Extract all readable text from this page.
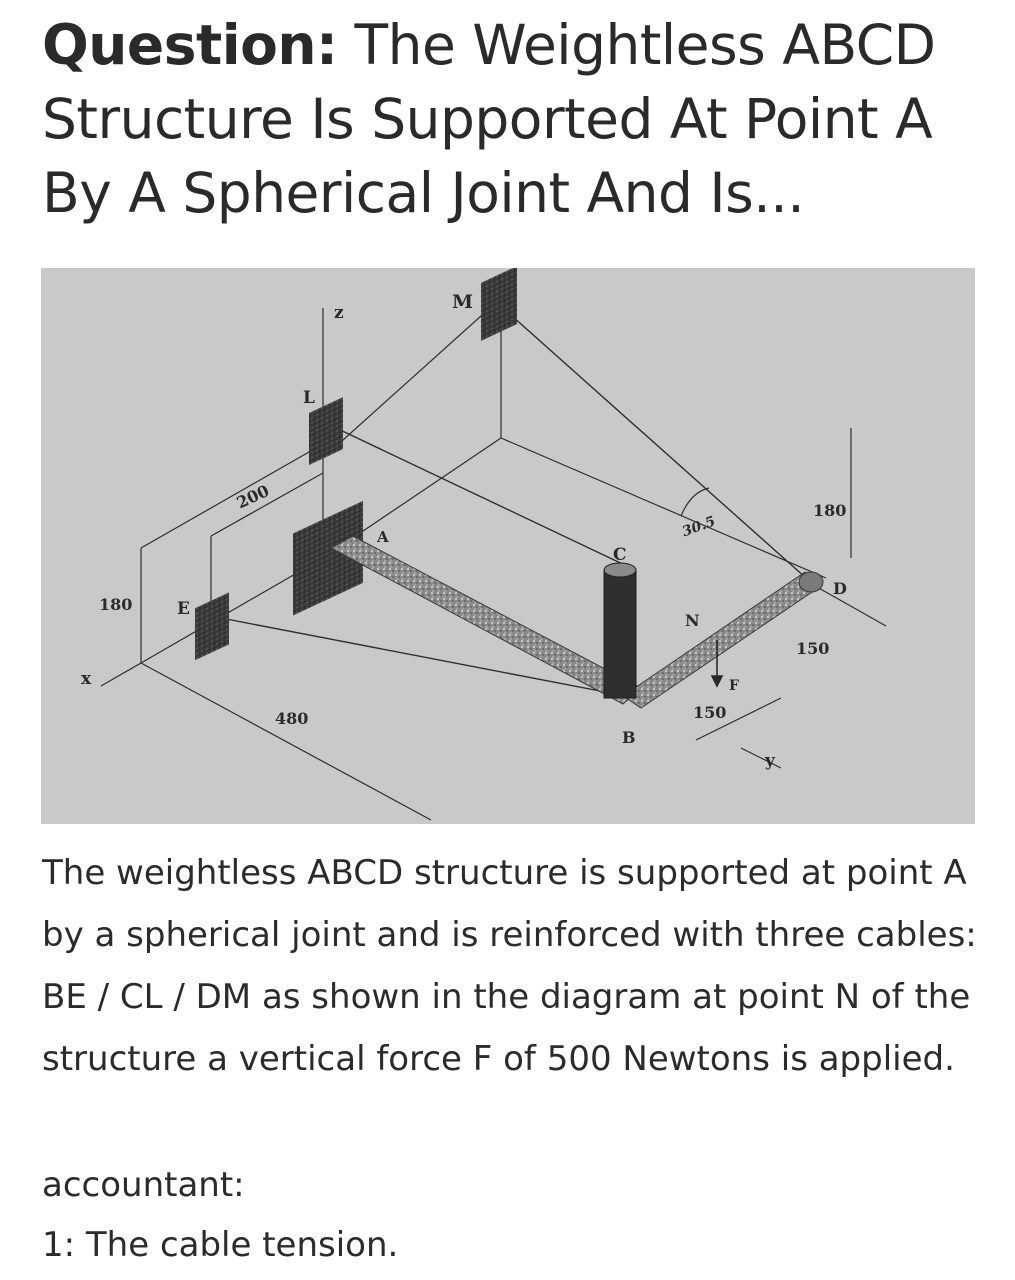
Question: The Weightless ABCD Structure Is Supported At Point A By A Spherical Joint And Is...
z
x
y
M
L
A
C
E
N
F
B
D
200
180
480	150
150
180
30.5

The weightless ABCD structure is supported at point A by a spherical joint and is reinforced with three cables: BE / CL / DM as shown in the diagram at point N of the structure a vertical force F of 500 Newtons is applied.

accountant:

1: The cable tension.
